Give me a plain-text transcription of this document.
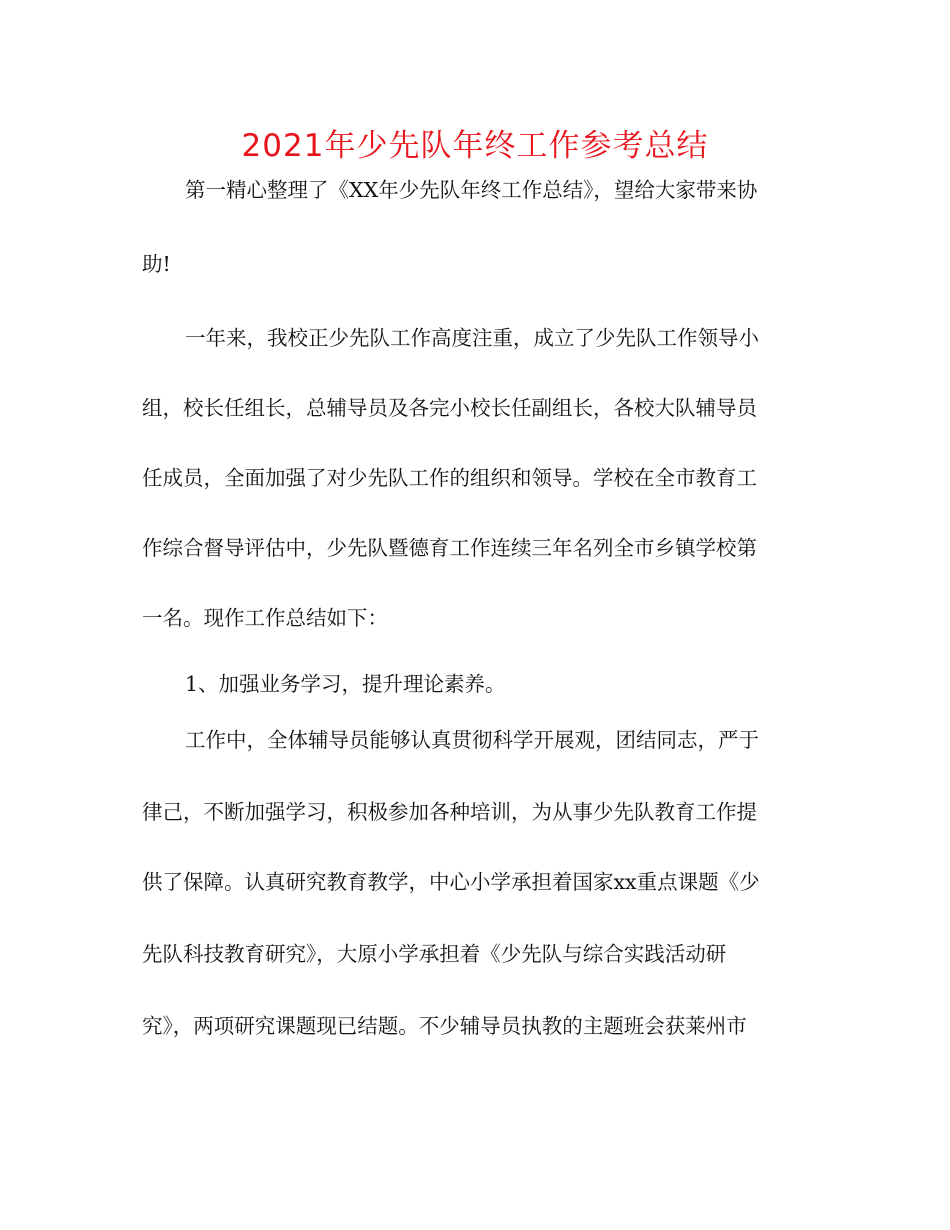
2021年少先队年终工作参考总结
第一精心整理了《XX年少先队年终工作总结》，望给大家带来协
助!
一年来，我校正少先队工作高度注重，成立了少先队工作领导小
组，校长任组长，总辅导员及各完小校长任副组长，各校大队辅导员
任成员，全面加强了对少先队工作的组织和领导。学校在全市教育工
作综合督导评估中，少先队暨德育工作连续三年名列全市乡镇学校第
一名。现作工作总结如下：
1、加强业务学习，提升理论素养。
工作中，全体辅导员能够认真贯彻科学开展观，团结同志，严于
律己，不断加强学习，积极参加各种培训，为从事少先队教育工作提
供了保障。认真研究教育教学，中心小学承担着国家xx重点课题《少
先队科技教育研究》，大原小学承担着《少先队与综合实践活动研
究》，两项研究课题现已结题。不少辅导员执教的主题班会获莱州市
